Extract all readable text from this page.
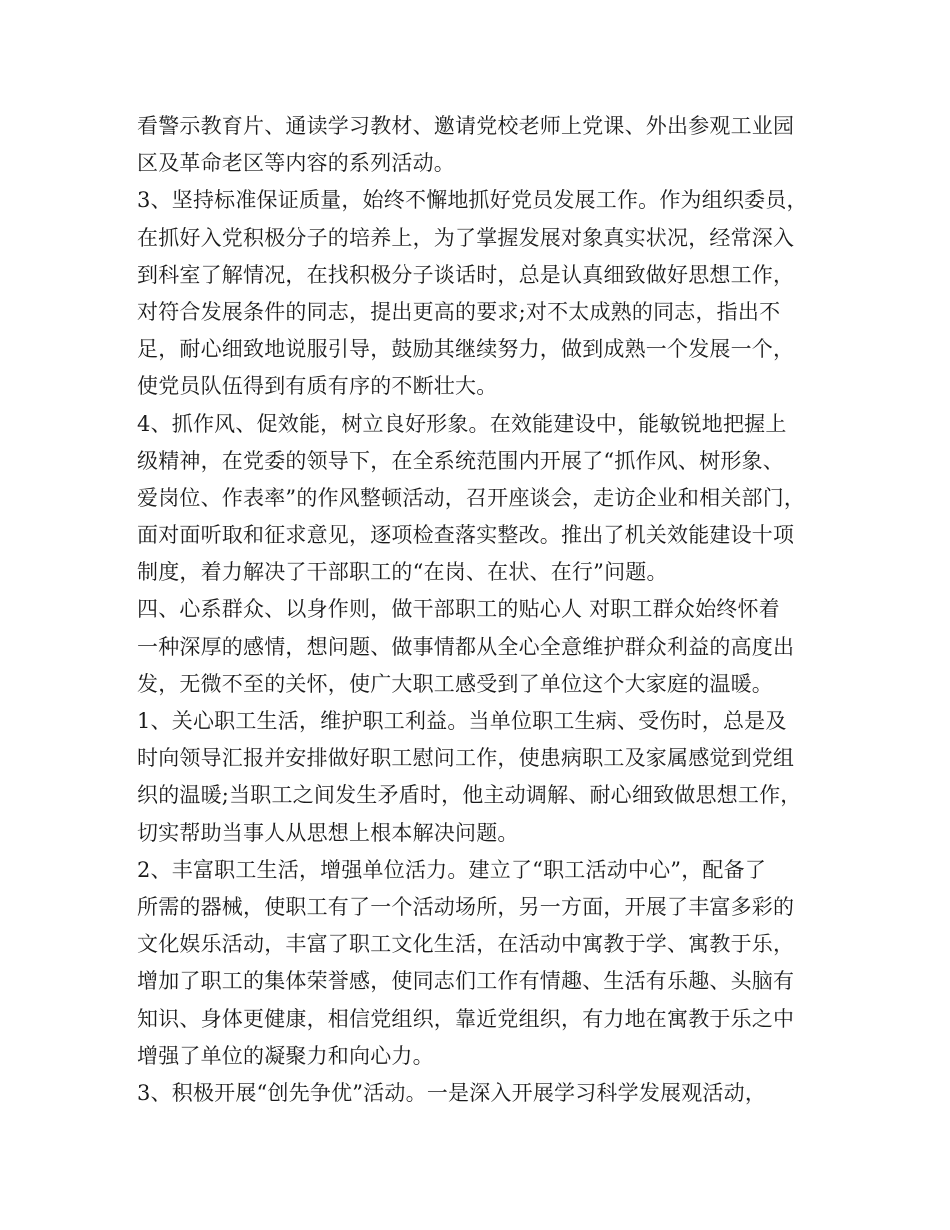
看警示教育片、通读学习教材、邀请党校老师上党课、外出参观工业园
区及革命老区等内容的系列活动。
3、坚持标准保证质量，始终不懈地抓好党员发展工作。作为组织委员，
在抓好入党积极分子的培养上，为了掌握发展对象真实状况，经常深入
到科室了解情况，在找积极分子谈话时，总是认真细致做好思想工作，
对符合发展条件的同志，提出更高的要求;对不太成熟的同志，指出不
足，耐心细致地说服引导，鼓励其继续努力，做到成熟一个发展一个，
使党员队伍得到有质有序的不断壮大。
4、抓作风、促效能，树立良好形象。在效能建设中，能敏锐地把握上
级精神，在党委的领导下，在全系统范围内开展了“抓作风、树形象、
爱岗位、作表率”的作风整顿活动，召开座谈会，走访企业和相关部门，
面对面听取和征求意见，逐项检查落实整改。推出了机关效能建设十项
制度，着力解决了干部职工的“在岗、在状、在行”问题。
四、心系群众、以身作则，做干部职工的贴心人 对职工群众始终怀着
一种深厚的感情，想问题、做事情都从全心全意维护群众利益的高度出
发，无微不至的关怀，使广大职工感受到了单位这个大家庭的温暖。
1、关心职工生活，维护职工利益。当单位职工生病、受伤时，总是及
时向领导汇报并安排做好职工慰问工作，使患病职工及家属感觉到党组
织的温暖;当职工之间发生矛盾时，他主动调解、耐心细致做思想工作，
切实帮助当事人从思想上根本解决问题。
2、丰富职工生活，增强单位活力。建立了“职工活动中心”，配备了
所需的器械，使职工有了一个活动场所，另一方面，开展了丰富多彩的
文化娱乐活动，丰富了职工文化生活，在活动中寓教于学、寓教于乐，
增加了职工的集体荣誉感，使同志们工作有情趣、生活有乐趣、头脑有
知识、身体更健康，相信党组织，靠近党组织，有力地在寓教于乐之中
增强了单位的凝聚力和向心力。
3、积极开展“创先争优”活动。一是深入开展学习科学发展观活动，
